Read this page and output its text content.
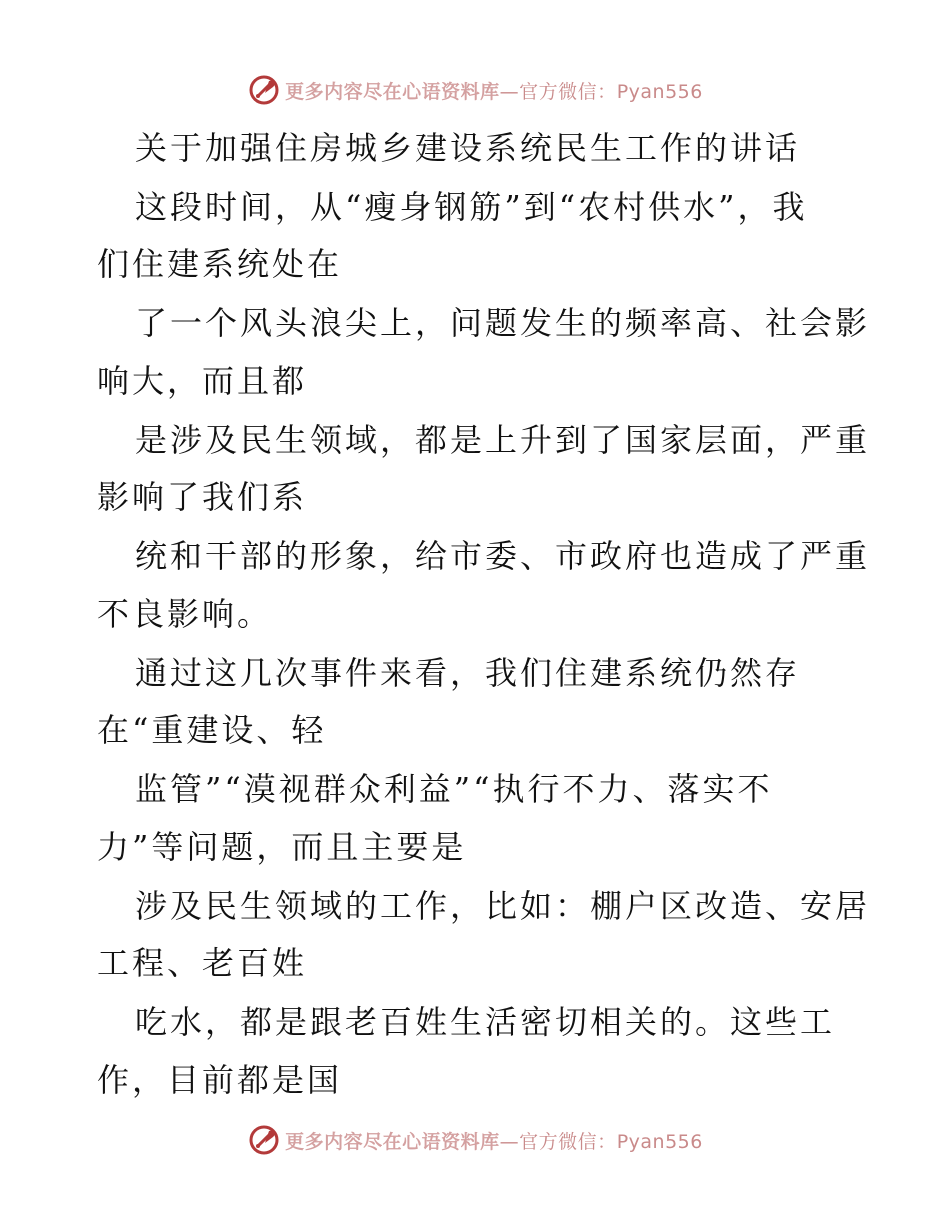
更多内容尽在心语资料库—官方微信：Pyan556
关于加强住房城乡建设系统民生工作的讲话
这段时间，从“瘦身钢筋”到“农村供水”，我
们住建系统处在
了一个风头浪尖上，问题发生的频率高、社会影
响大，而且都
是涉及民生领域，都是上升到了国家层面，严重
影响了我们系
统和干部的形象，给市委、市政府也造成了严重
不良影响。
通过这几次事件来看，我们住建系统仍然存
在“重建设、轻
监管”“漠视群众利益”“执行不力、落实不
力”等问题，而且主要是
涉及民生领域的工作，比如：棚户区改造、安居
工程、老百姓
吃水，都是跟老百姓生活密切相关的。这些工
作，目前都是国
更多内容尽在心语资料库—官方微信：Pyan556
